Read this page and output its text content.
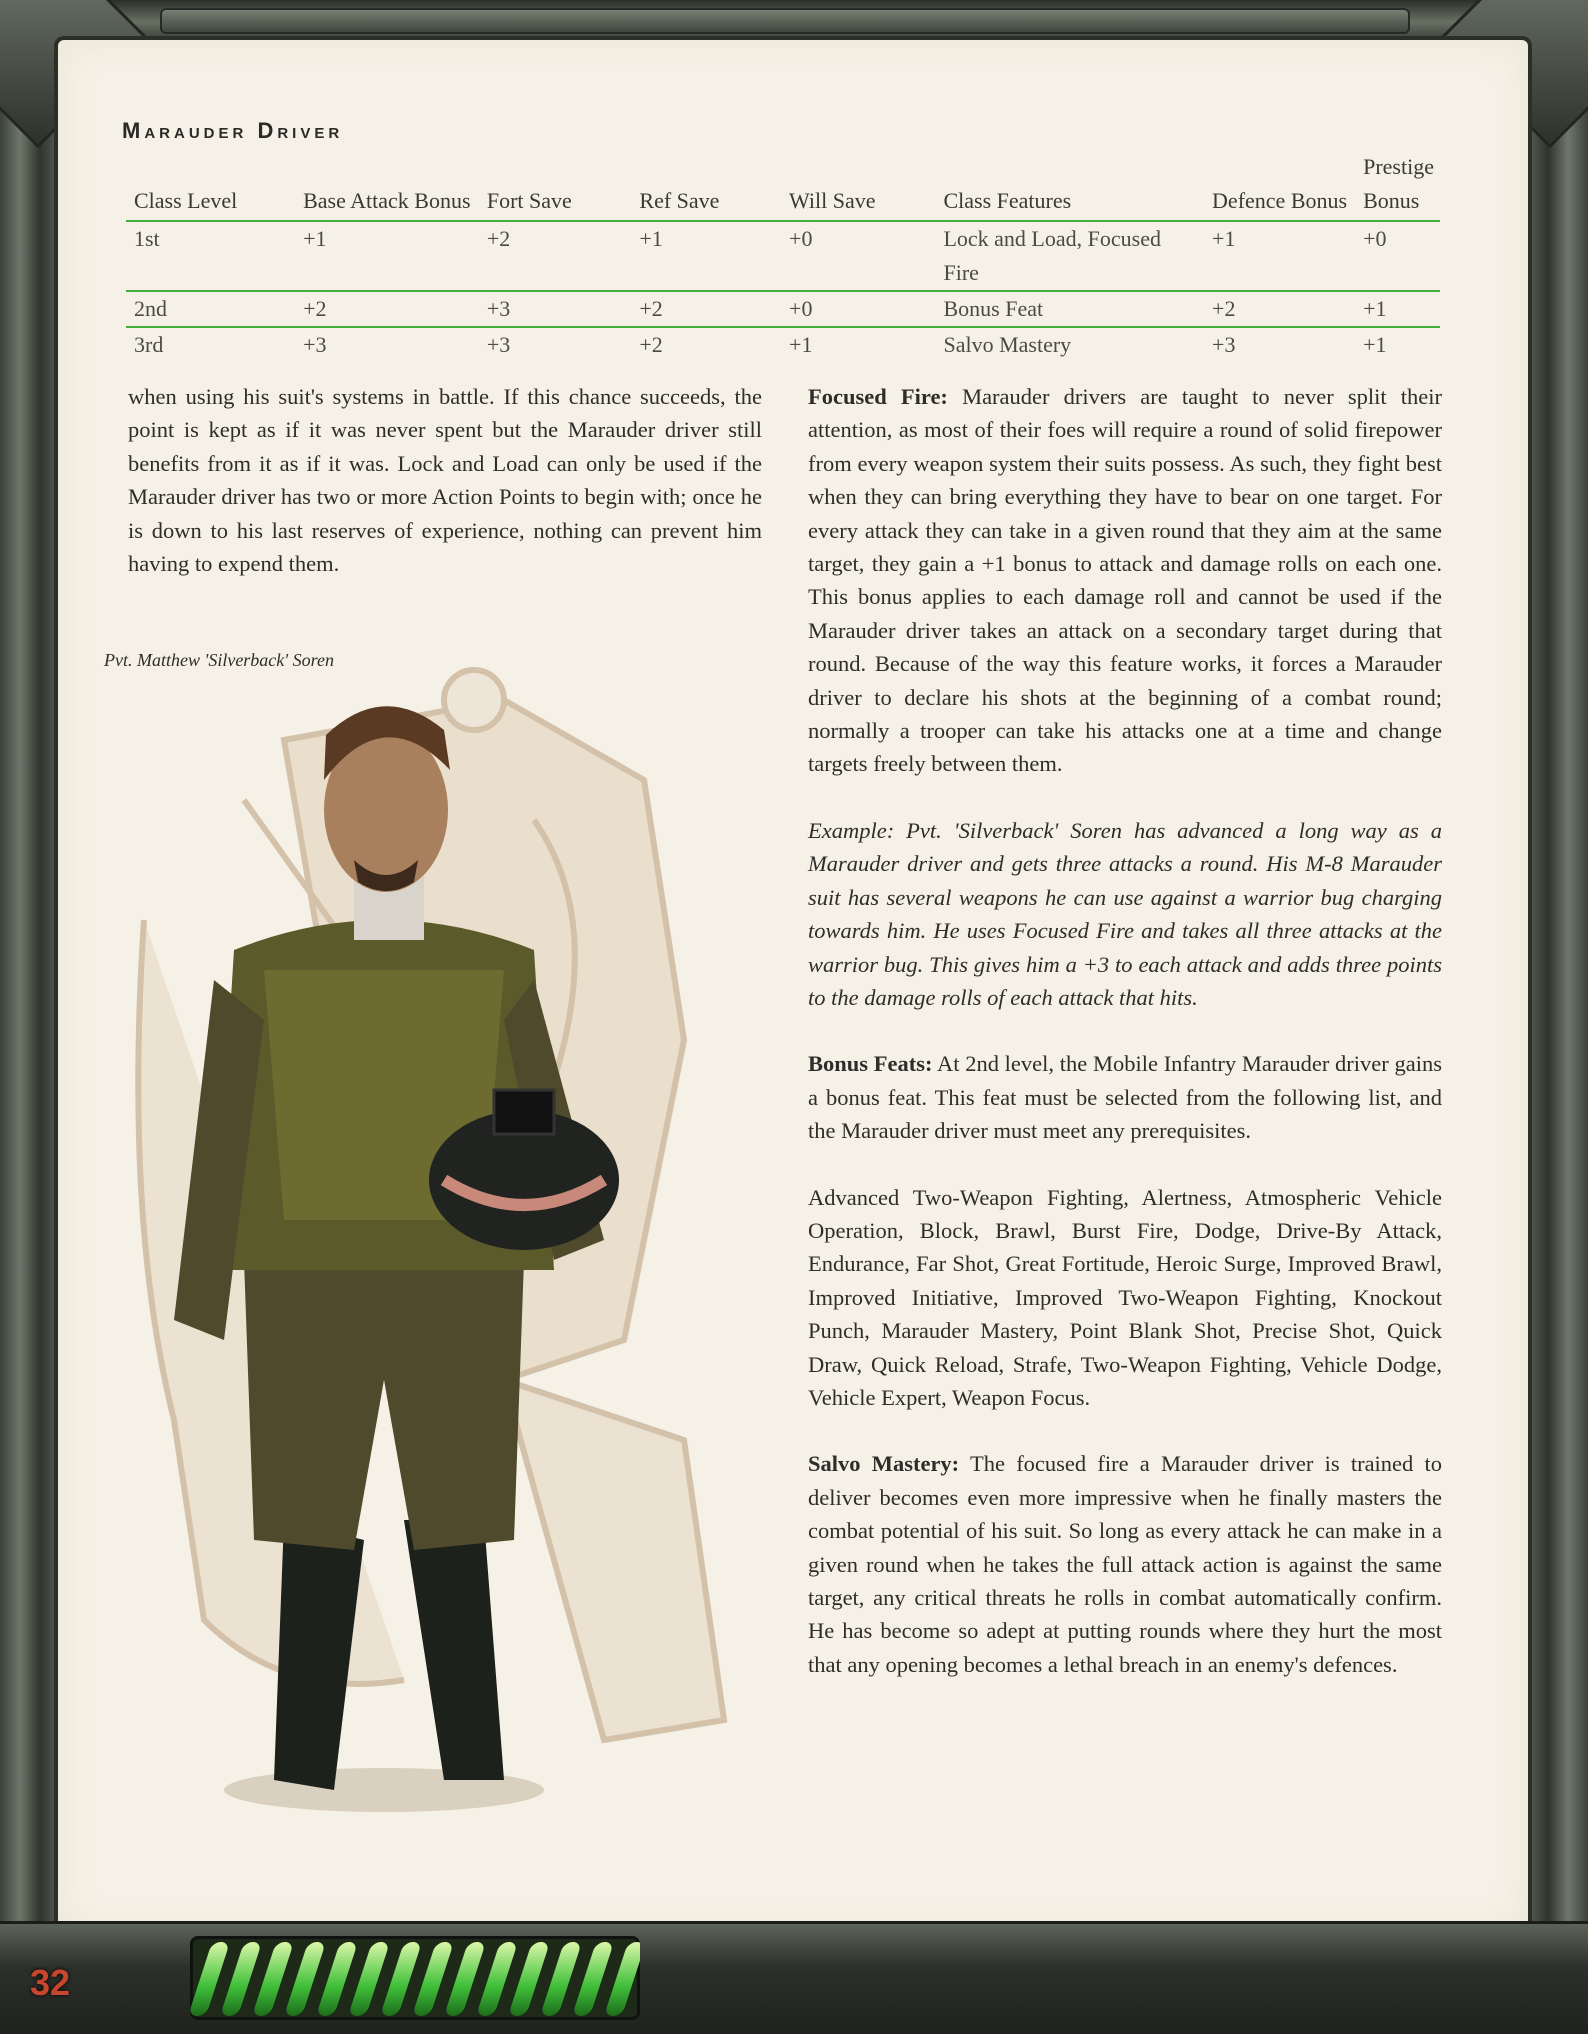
Marauder Driver
Class Level	Base Attack Bonus	Fort Save	Ref Save	Will Save	Class Features	Defence Bonus	Prestige Bonus
1st	+1	+2	+1	+0	Lock and Load, Focused Fire	+1	+0
2nd	+2	+3	+2	+0	Bonus Feat	+2	+1
3rd	+3	+3	+2	+1	Salvo Mastery	+3	+1

when using his suit's systems in battle. If this chance succeeds, the point is kept as if it was never spent but the Marauder driver still benefits from it as if it was. Lock and Load can only be used if the Marauder driver has two or more Action Points to begin with; once he is down to his last reserves of experience, nothing can prevent him having to expend them.

Pvt. Matthew 'Silverback' Soren

Focused Fire: Marauder drivers are taught to never split their attention, as most of their foes will require a round of solid firepower from every weapon system their suits possess. As such, they fight best when they can bring everything they have to bear on one target. For every attack they can take in a given round that they aim at the same target, they gain a +1 bonus to attack and damage rolls on each one. This bonus applies to each damage roll and cannot be used if the Marauder driver takes an attack on a secondary target during that round. Because of the way this feature works, it forces a Marauder driver to declare his shots at the beginning of a combat round; normally a trooper can take his attacks one at a time and change targets freely between them.

Example: Pvt. 'Silverback' Soren has advanced a long way as a Marauder driver and gets three attacks a round. His M-8 Marauder suit has several weapons he can use against a warrior bug charging towards him. He uses Focused Fire and takes all three attacks at the warrior bug. This gives him a +3 to each attack and adds three points to the damage rolls of each attack that hits.

Bonus Feats: At 2nd level, the Mobile Infantry Marauder driver gains a bonus feat. This feat must be selected from the following list, and the Marauder driver must meet any prerequisites.

Advanced Two-Weapon Fighting, Alertness, Atmospheric Vehicle Operation, Block, Brawl, Burst Fire, Dodge, Drive-By Attack, Endurance, Far Shot, Great Fortitude, Heroic Surge, Improved Brawl, Improved Initiative, Improved Two-Weapon Fighting, Knockout Punch, Marauder Mastery, Point Blank Shot, Precise Shot, Quick Draw, Quick Reload, Strafe, Two-Weapon Fighting, Vehicle Dodge, Vehicle Expert, Weapon Focus.

Salvo Mastery: The focused fire a Marauder driver is trained to deliver becomes even more impressive when he finally masters the combat potential of his suit. So long as every attack he can make in a given round when he takes the full attack action is against the same target, any critical threats he rolls in combat automatically confirm. He has become so adept at putting rounds where they hurt the most that any opening becomes a lethal breach in an enemy's defences.

32
